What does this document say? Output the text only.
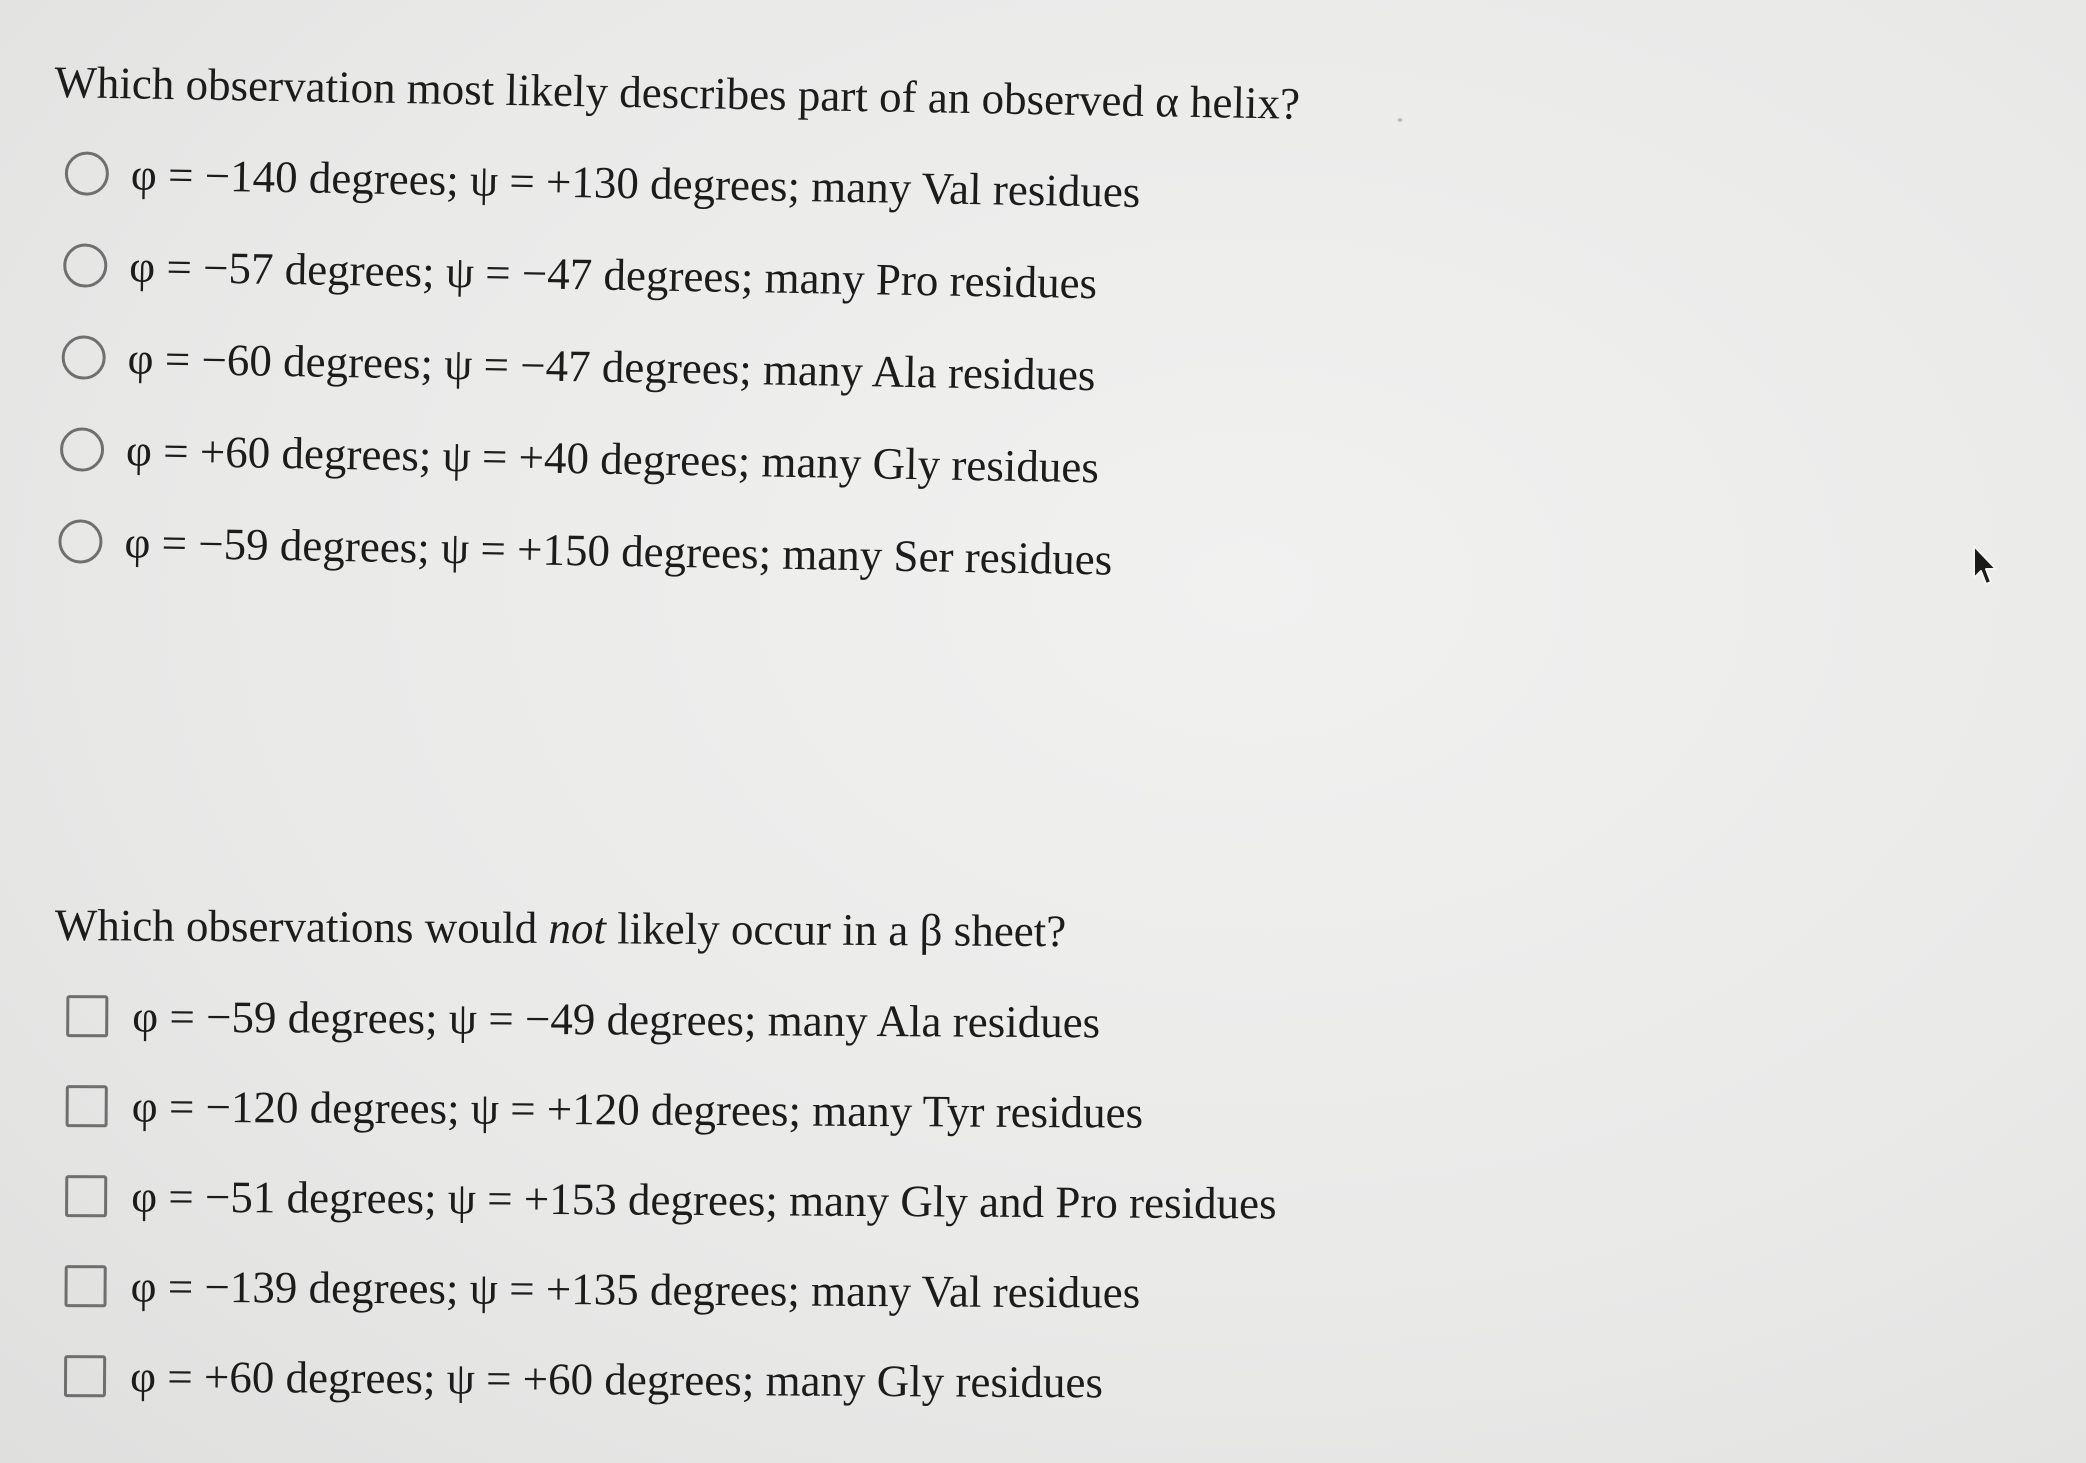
Which observation most likely describes part of an observed α helix?

φ = −140 degrees; ψ = +130 degrees; many Val residues
φ = −57 degrees; ψ = −47 degrees; many Pro residues
φ = −60 degrees; ψ = −47 degrees; many Ala residues
φ = +60 degrees; ψ = +40 degrees; many Gly residues
φ = −59 degrees; ψ = +150 degrees; many Ser residues

Which observations would not likely occur in a β sheet?

φ = −59 degrees; ψ = −49 degrees; many Ala residues
φ = −120 degrees; ψ = +120 degrees; many Tyr residues
φ = −51 degrees; ψ = +153 degrees; many Gly and Pro residues
φ = −139 degrees; ψ = +135 degrees; many Val residues
φ = +60 degrees; ψ = +60 degrees; many Gly residues
